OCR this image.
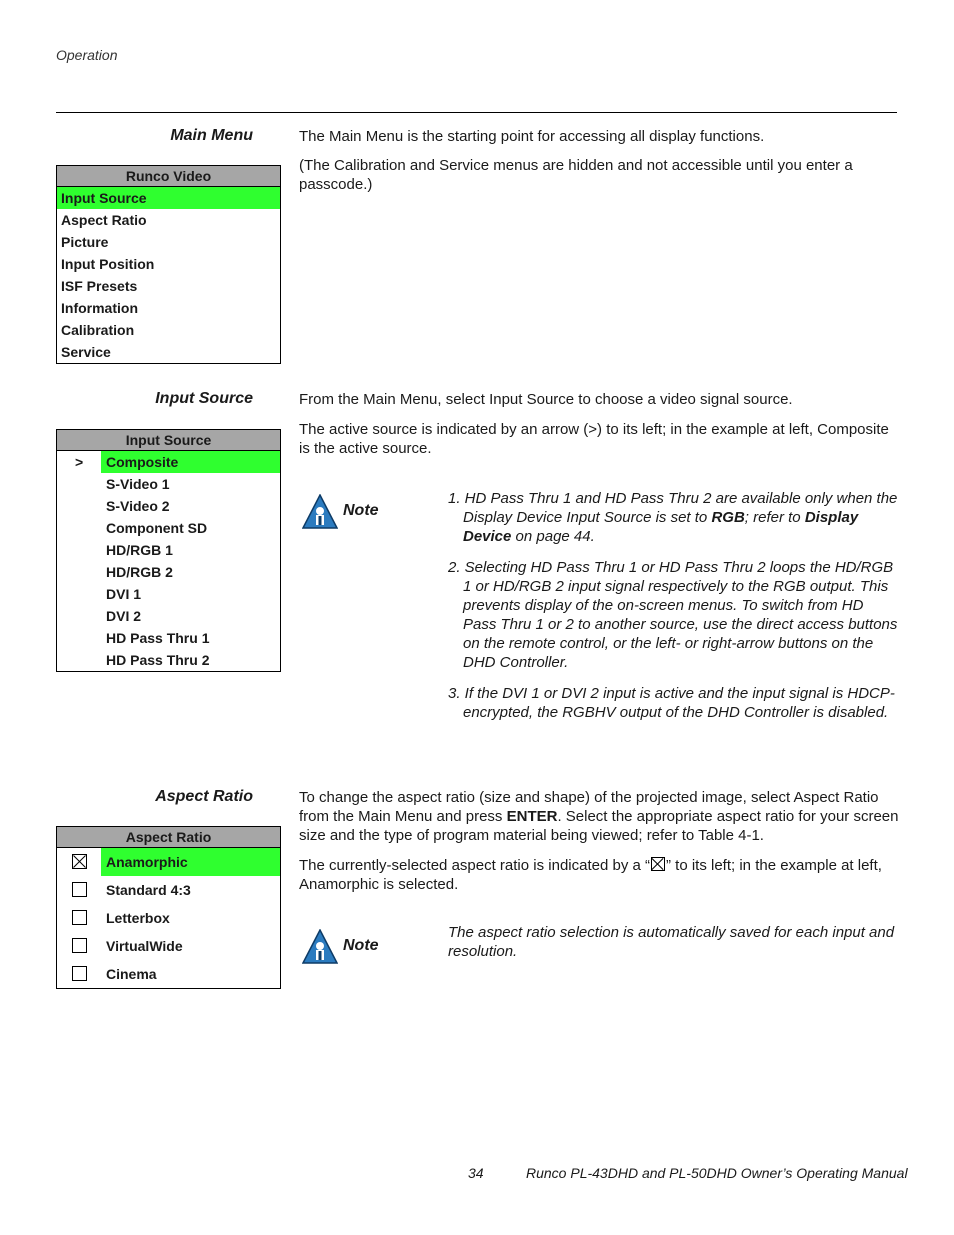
Operation
Main Menu	The Main Menu is the starting point for accessing all display functions.

(The Calibration and Service menus are hidden and not accessible until you enter a passcode.)

Runco Video
Input Source
Aspect Ratio
Picture
Input Position
ISF Presets
Information
Calibration
Service
Input Source	From the Main Menu, select Input Source to choose a video signal source.

The active source is indicated by an arrow (>) to its left; in the example at left, Composite is the active source.

Input Source
> Composite
S-Video 1
S-Video 2
Component SD
HD/RGB 1
HD/RGB 2
DVI 1
DVI 2
HD Pass Thru 1
HD Pass Thru 2
Note

1. HD Pass Thru 1 and HD Pass Thru 2 are available only when the Display Device Input Source is set to RGB; refer to Display Device on page 44.

2. Selecting HD Pass Thru 1 or HD Pass Thru 2 loops the HD/RGB 1 or HD/RGB 2 input signal respectively to the RGB output. This prevents display of the on-screen menus. To switch from HD Pass Thru 1 or 2 to another source, use the direct access buttons on the remote control, or the left- or right-arrow buttons on the DHD Controller.

3. If the DVI 1 or DVI 2 input is active and the input signal is HDCP-encrypted, the RGBHV output of the DHD Controller is disabled.

Aspect Ratio	To change the aspect ratio (size and shape) of the projected image, select Aspect Ratio from the Main Menu and press ENTER. Select the appropriate aspect ratio for your screen size and the type of program material being viewed; refer to Table 4-1.

The currently-selected aspect ratio is indicated by a “ ” to its left; in the example at left, Anamorphic is selected.

Aspect Ratio
Anamorphic
Standard 4:3
Letterbox
VirtualWide
Cinema
Note

The aspect ratio selection is automatically saved for each input and resolution.

34	Runco PL-43DHD and PL-50DHD Owner’s Operating Manual
